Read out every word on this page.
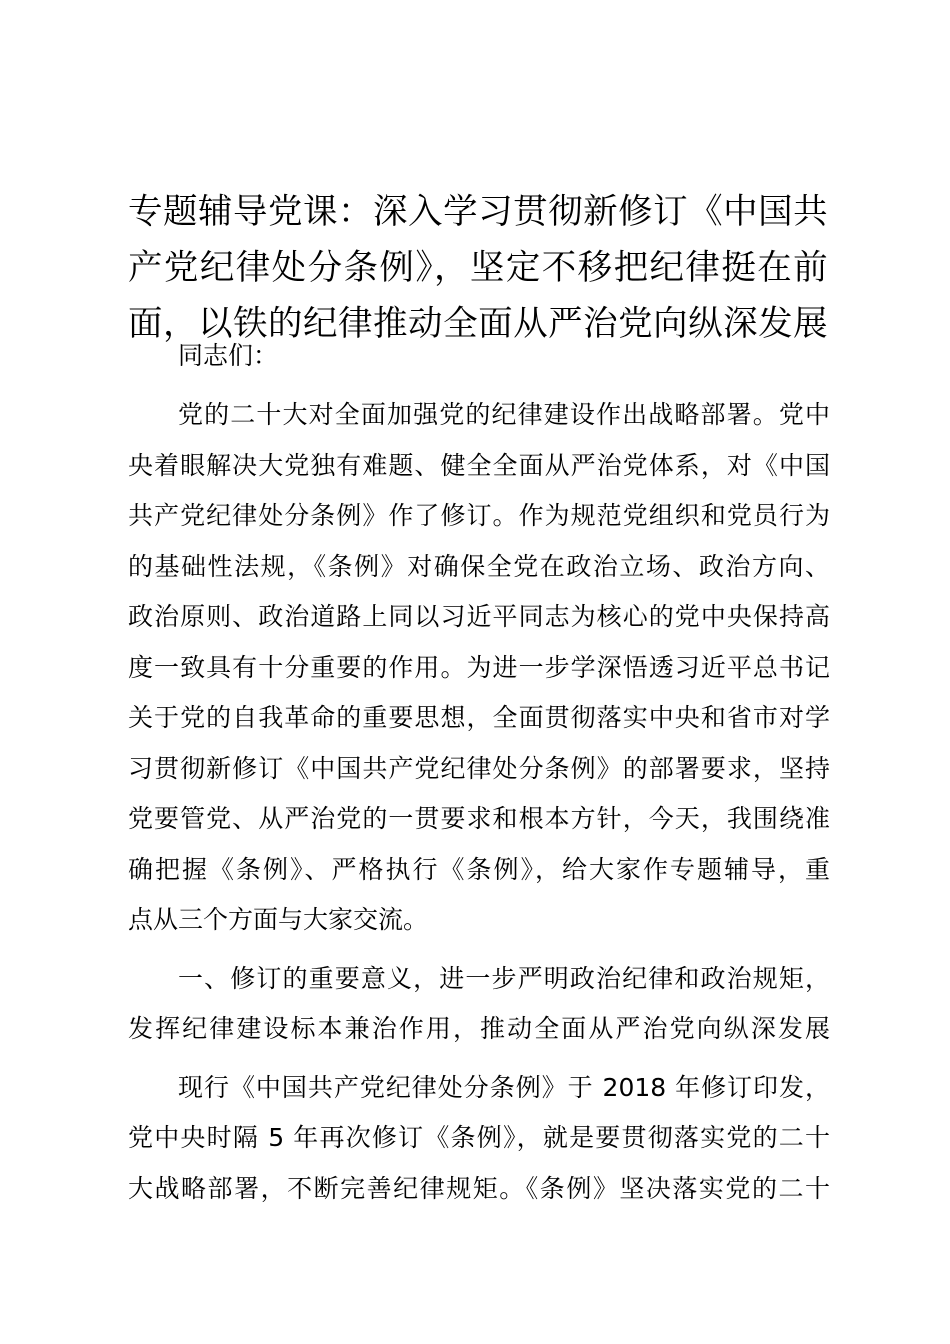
专题辅导党课：深入学习贯彻新修订《中国共
产党纪律处分条例》，坚定不移把纪律挺在前
面，以铁的纪律推动全面从严治党向纵深发展

同志们：

党的二十大对全面加强党的纪律建设作出战略部署。党中
央着眼解决大党独有难题、健全全面从严治党体系，对《中国
共产党纪律处分条例》作了修订。作为规范党组织和党员行为
的基础性法规，《条例》对确保全党在政治立场、政治方向、
政治原则、政治道路上同以习近平同志为核心的党中央保持高
度一致具有十分重要的作用。为进一步学深悟透习近平总书记
关于党的自我革命的重要思想，全面贯彻落实中央和省市对学
习贯彻新修订《中国共产党纪律处分条例》的部署要求，坚持
党要管党、从严治党的一贯要求和根本方针，今天，我围绕准
确把握《条例》、严格执行《条例》，给大家作专题辅导，重
点从三个方面与大家交流。
一、修订的重要意义，进一步严明政治纪律和政治规矩，
发挥纪律建设标本兼治作用，推动全面从严治党向纵深发展
现行《中国共产党纪律处分条例》于 2018 年修订印发，
党中央时隔 5 年再次修订《条例》，就是要贯彻落实党的二十
大战略部署，不断完善纪律规矩。《条例》坚决落实党的二十
